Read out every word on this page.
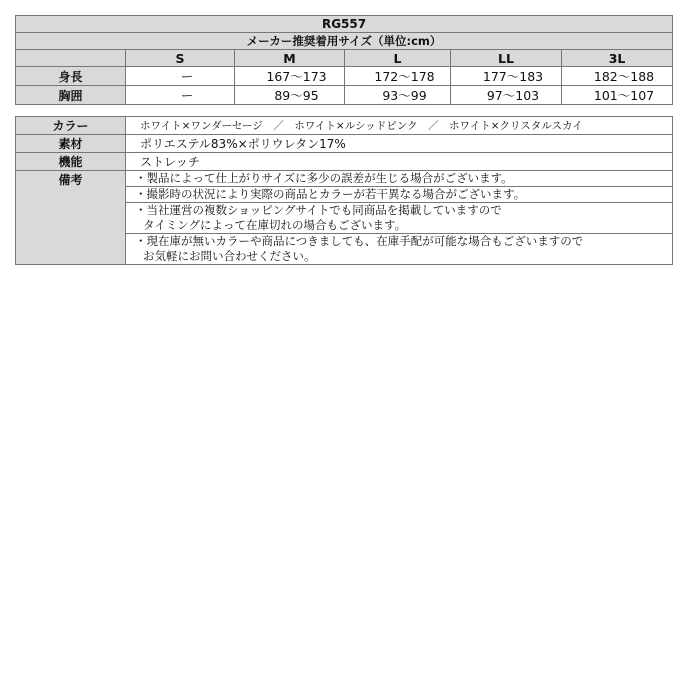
RG557					
メーカー推奨着用サイズ（単位:cm）					
	S	M	L	LL	3L
身長	ー	167〜173	172〜178	177〜183	182〜188
胸囲	ー	89〜95	93〜99	97〜103	101〜107
カラー	ホワイト×ワンダーセージ　／　ホワイト×ルシッドピンク　／　ホワイト×クリスタルスカイ
素材	ポリエステル83%×ポリウレタン17%
機能	ストレッチ
備考	・製品によって仕上がりサイズに多少の誤差が生じる場合がございます。
	・撮影時の状況により実際の商品とカラーが若干異なる場合がございます。
	・当社運営の複数ショッピングサイトでも同商品を掲載していますので
タイミングによって在庫切れの場合もございます。
	・現在庫が無いカラーや商品につきましても、在庫手配が可能な場合もございますので
お気軽にお問い合わせください。
